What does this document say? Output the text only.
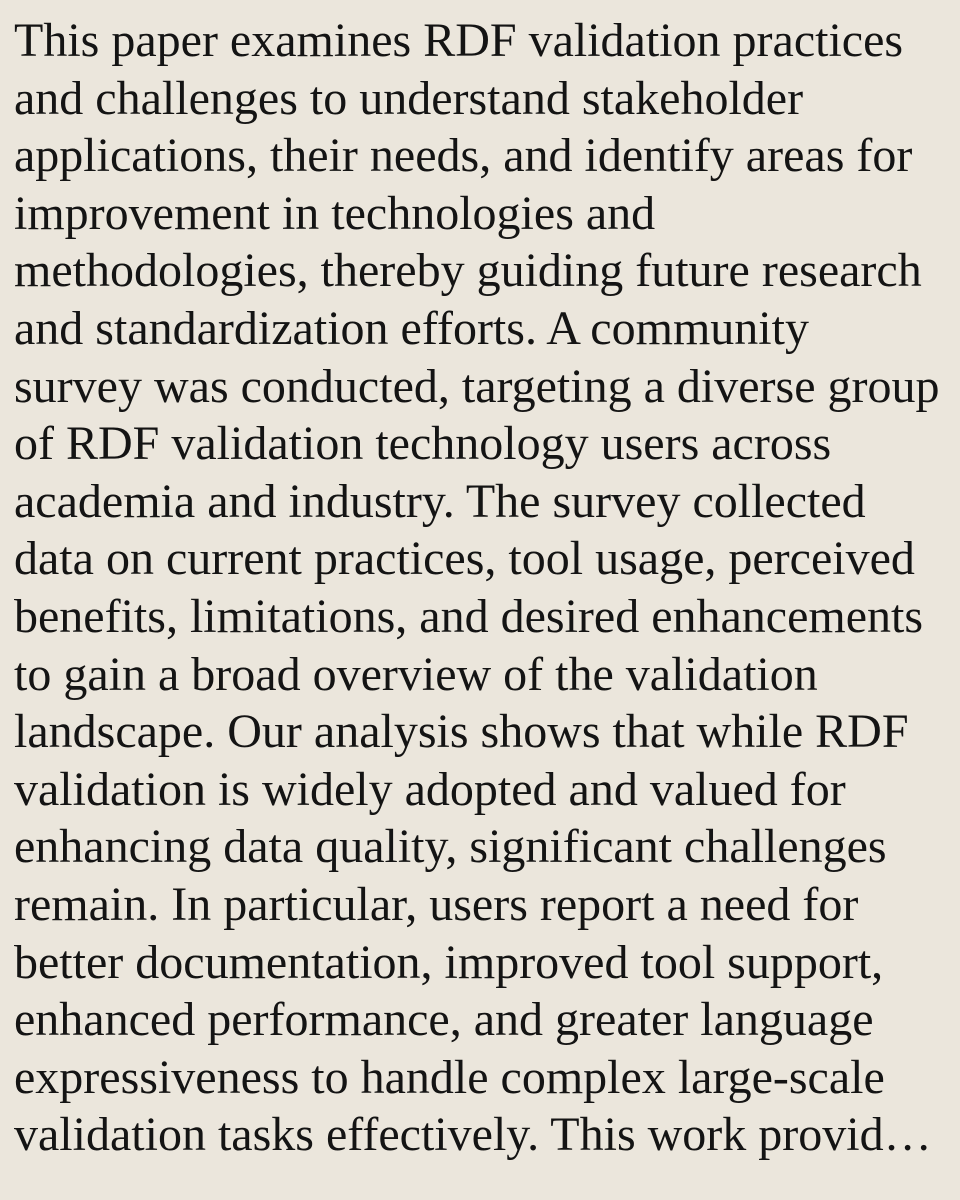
This paper examines RDF validation practices
and challenges to understand stakeholder
applications, their needs, and identify areas for
improvement in technologies and
methodologies, thereby guiding future research
and standardization efforts. A community
survey was conducted, targeting a diverse group
of RDF validation technology users across
academia and industry. The survey collected
data on current practices, tool usage, perceived
benefits, limitations, and desired enhancements
to gain a broad overview of the validation
landscape. Our analysis shows that while RDF
validation is widely adopted and valued for
enhancing data quality, significant challenges
remain. In particular, users report a need for
better documentation, improved tool support,
enhanced performance, and greater language
expressiveness to handle complex large-scale
validation tasks effectively. This work provid…
